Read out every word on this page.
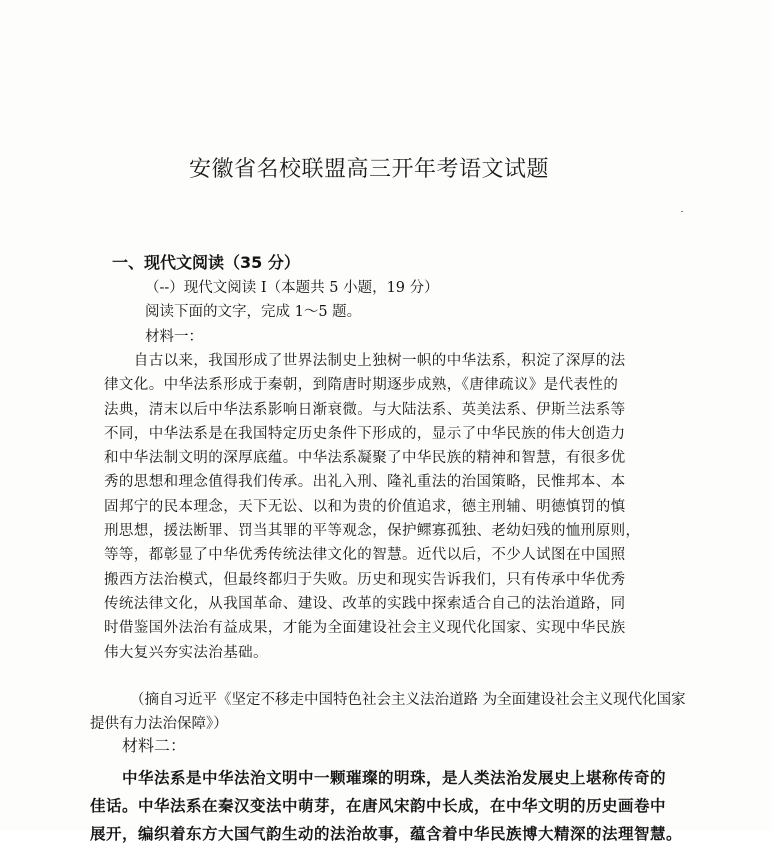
安徽省名校联盟高三开年考语文试题
一、现代文阅读（35 分）
（--）现代文阅读 I（本题共 5 小题，19 分）
阅读下面的文字，完成 1～5 题。
材料一：
　　自古以来，我国形成了世界法制史上独树一帜的中华法系，积淀了深厚的法
律文化。中华法系形成于秦朝，到隋唐时期逐步成熟，《唐律疏议》是代表性的
法典，清末以后中华法系影响日渐衰微。与大陆法系、英美法系、伊斯兰法系等
不同，中华法系是在我国特定历史条件下形成的，显示了中华民族的伟大创造力
和中华法制文明的深厚底蕴。中华法系凝聚了中华民族的精神和智慧，有很多优
秀的思想和理念值得我们传承。出礼入刑、隆礼重法的治国策略，民惟邦本、本
固邦宁的民本理念，天下无讼、以和为贵的价值追求，德主刑辅、明德慎罚的慎
刑思想，援法断罪、罚当其罪的平等观念，保护鳏寡孤独、老幼妇残的恤刑原则，
等等，都彰显了中华优秀传统法律文化的智慧。近代以后，不少人试图在中国照
搬西方法治模式，但最终都归于失败。历史和现实告诉我们，只有传承中华优秀
传统法律文化，从我国革命、建设、改革的实践中探索适合自己的法治道路，同
时借鉴国外法治有益成果，才能为全面建设社会主义现代化国家、实现中华民族
伟大复兴夯实法治基础。
（摘自习近平《坚定不移走中国特色社会主义法治道路 为全面建设社会主义现代化国家
提供有力法治保障》）
材料二：
　　中华法系是中华法治文明中一颗璀璨的明珠，是人类法治发展史上堪称传奇的
佳话。中华法系在秦汉变法中萌芽，在唐风宋韵中长成，在中华文明的历史画卷中
展开，编织着东方大国气韵生动的法治故事，蕴含着中华民族博大精深的法理智慧。
